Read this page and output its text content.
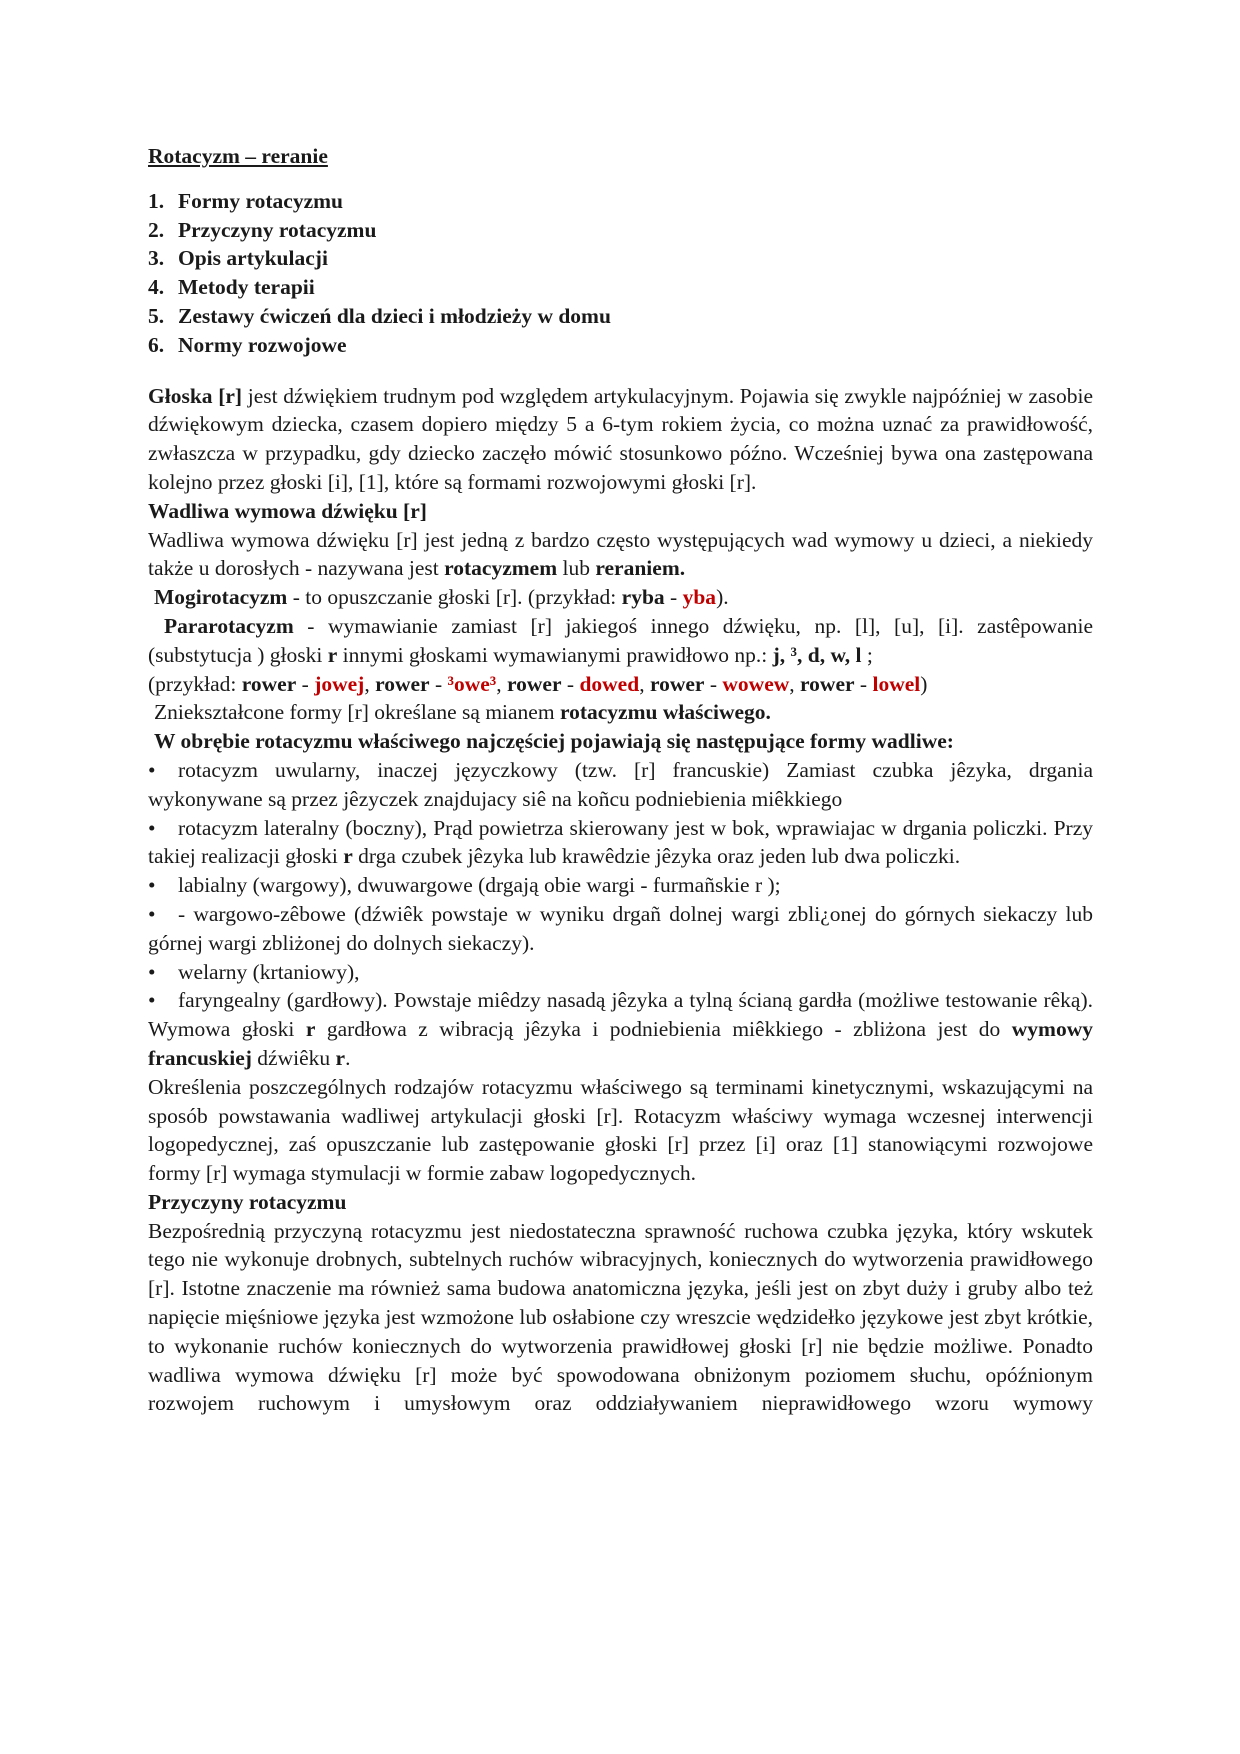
Rotacyzm – reranie

1. Formy rotacyzmu
2. Przyczyny rotacyzmu
3. Opis artykulacji
4. Metody terapii
5. Zestawy ćwiczeń dla dzieci i młodzieży w domu
6. Normy rozwojowe

Głoska [r] jest dźwiękiem trudnym pod względem artykulacyjnym. Pojawia się zwykle najpóźniej w zasobie dźwiękowym dziecka, czasem dopiero między 5 a 6-tym rokiem życia, co można uznać za prawidłowość, zwłaszcza w przypadku, gdy dziecko zaczęło mówić stosunkowo późno. Wcześniej bywa ona zastępowana kolejno przez głoski [i], [1], które są formami rozwojowymi głoski [r].

Wadliwa wymowa dźwięku [r]

Wadliwa wymowa dźwięku [r] jest jedną z bardzo często występujących wad wymowy u dzieci, a niekiedy także u dorosłych - nazywana jest rotacyzmem lub reraniem.

Mogirotacyzm - to opuszczanie głoski [r]. (przykład: ryba - yba).

Pararotacyzm - wymawianie zamiast [r] jakiegoś innego dźwięku, np. [l], [u], [i]. zastêpowanie (substytucja ) głoski r innymi głoskami wymawianymi prawidłowo np.: j, ³, d, w, l ;

(przykład: rower - jowej, rower - ³owe³, rower - dowed, rower - wowew, rower - lowel)

Zniekształcone formy [r] określane są mianem rotacyzmu właściwego.

W obrębie rotacyzmu właściwego najczęściej pojawiają się następujące formy wadliwe:

• rotacyzm uwularny, inaczej języczkowy (tzw. [r] francuskie) Zamiast czubka jêzyka, drgania wykonywane są przez jêzyczek znajdujacy siê na koñcu podniebienia miêkkiego

• rotacyzm lateralny (boczny), Prąd powietrza skierowany jest w bok, wprawiajac w drgania policzki. Przy takiej realizacji głoski r drga czubek jêzyka lub krawêdzie jêzyka oraz jeden lub dwa policzki.

• labialny (wargowy), dwuwargowe (drgają obie wargi - furmañskie r );

• - wargowo-zêbowe (dźwiêk powstaje w wyniku drgañ dolnej wargi zbli¿onej do górnych siekaczy lub górnej wargi zbliżonej do dolnych siekaczy).

• welarny (krtaniowy),

• faryngealny (gardłowy). Powstaje miêdzy nasadą jêzyka a tylną ścianą gardła (możliwe testowanie rêką). Wymowa głoski r gardłowa z wibracją jêzyka i podniebienia miêkkiego - zbliżona jest do wymowy francuskiej dźwiêku r.

Określenia poszczególnych rodzajów rotacyzmu właściwego są terminami kinetycznymi, wskazującymi na sposób powstawania wadliwej artykulacji głoski [r]. Rotacyzm właściwy wymaga wczesnej interwencji logopedycznej, zaś opuszczanie lub zastępowanie głoski [r] przez [i] oraz [1] stanowiącymi rozwojowe formy [r] wymaga stymulacji w formie zabaw logopedycznych.

Przyczyny rotacyzmu

Bezpośrednią przyczyną rotacyzmu jest niedostateczna sprawność ruchowa czubka języka, który wskutek tego nie wykonuje drobnych, subtelnych ruchów wibracyjnych, koniecznych do wytworzenia prawidłowego [r]. Istotne znaczenie ma również sama budowa anatomiczna języka, jeśli jest on zbyt duży i gruby albo też napięcie mięśniowe języka jest wzmożone lub osłabione czy wreszcie wędzidełko językowe jest zbyt krótkie, to wykonanie ruchów koniecznych do wytworzenia prawidłowej głoski [r] nie będzie możliwe. Ponadto wadliwa wymowa dźwięku [r] może być spowodowana obniżonym poziomem słuchu, opóźnionym rozwojem ruchowym i umysłowym oraz oddziaływaniem nieprawidłowego wzoru wymowy
